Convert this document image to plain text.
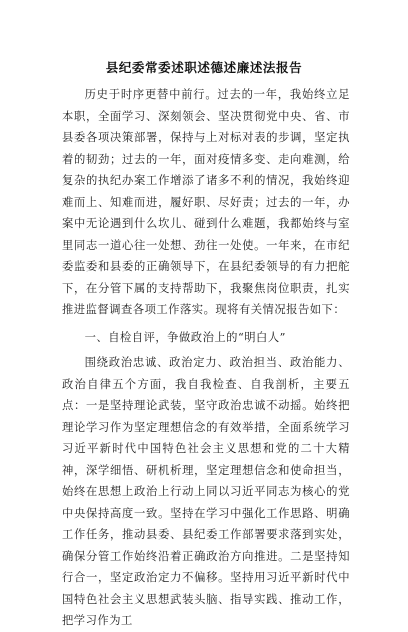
县纪委常委述职述德述廉述法报告

历史于时序更替中前行。过去的一年，我始终立足本职，全面学习、深刻领会、坚决贯彻党中央、省、市县委各项决策部署，保持与上对标对表的步调，坚定执着的韧劲；过去的一年，面对疫情多变、走向难测，给复杂的执纪办案工作增添了诸多不利的情况，我始终迎难而上、知难而进，履好职、尽好责；过去的一年，办案中无论遇到什么坎儿、碰到什么难题，我都始终与室里同志一道心往一处想、劲往一处使。一年来，在市纪委监委和县委的正确领导下，在县纪委领导的有力把舵下，在分管下属的支持帮助下，我聚焦岗位职责，扎实推进监督调查各项工作落实。现将有关情况报告如下：

一、自检自评，争做政治上的“明白人”

围绕政治忠诚、政治定力、政治担当、政治能力、政治自律五个方面，我自我检查、自我剖析，主要五点：一是坚持理论武装，坚守政治忠诚不动摇。始终把理论学习作为坚定理想信念的有效举措，全面系统学习习近平新时代中国特色社会主义思想和党的二十大精神，深学细悟、研机析理，坚定理想信念和使命担当，始终在思想上政治上行动上同以习近平同志为核心的党中央保持高度一致。坚持在学习中强化工作思路、明确工作任务，推动县委、县纪委工作部署要求落到实处，确保分管工作始终沿着正确政治方向推进。二是坚持知行合一，坚定政治定力不偏移。坚持用习近平新时代中国特色社会主义思想武装头脑、指导实践、推动工作，把学习作为工
